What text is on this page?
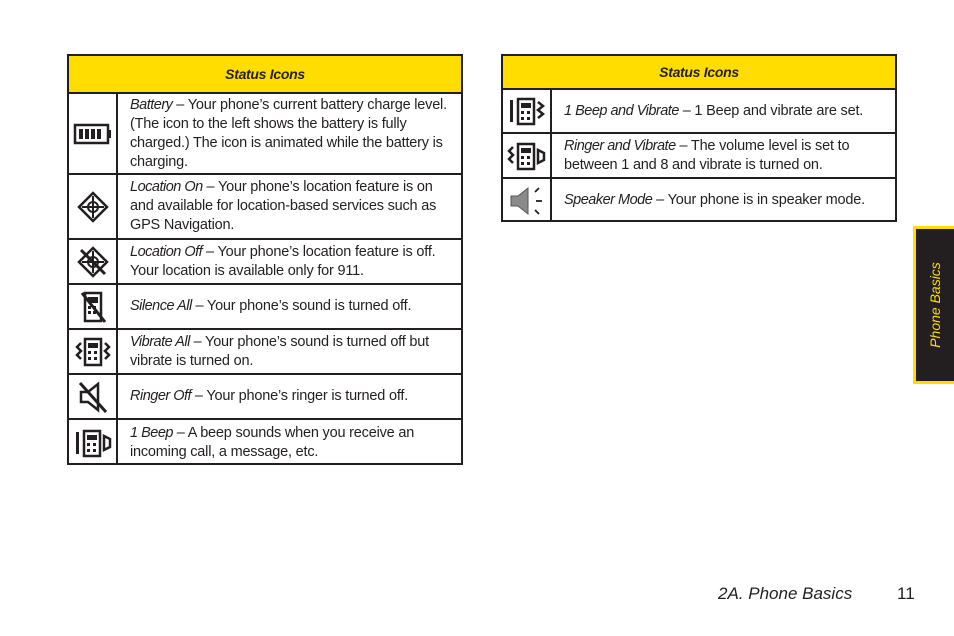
Status Icons

Battery – Your phone’s current battery charge level. (The icon to the left shows the battery is fully charged.) The icon is animated while the battery is charging.

Location On – Your phone’s location feature is on and available for location-based services such as GPS Navigation.

Location Off – Your phone’s location feature is off. Your location is available only for 911.

Silence All – Your phone’s sound is turned off.

Vibrate All – Your phone’s sound is turned off but vibrate is turned on.

Ringer Off – Your phone’s ringer is turned off.

1 Beep – A beep sounds when you receive an incoming call, a message, etc.

Status Icons

1 Beep and Vibrate – 1 Beep and vibrate are set.

Ringer and Vibrate – The volume level is set to between 1 and 8 and vibrate is turned on.

Speaker Mode – Your phone is in speaker mode.

Phone Basics
2A. Phone Basics	11
